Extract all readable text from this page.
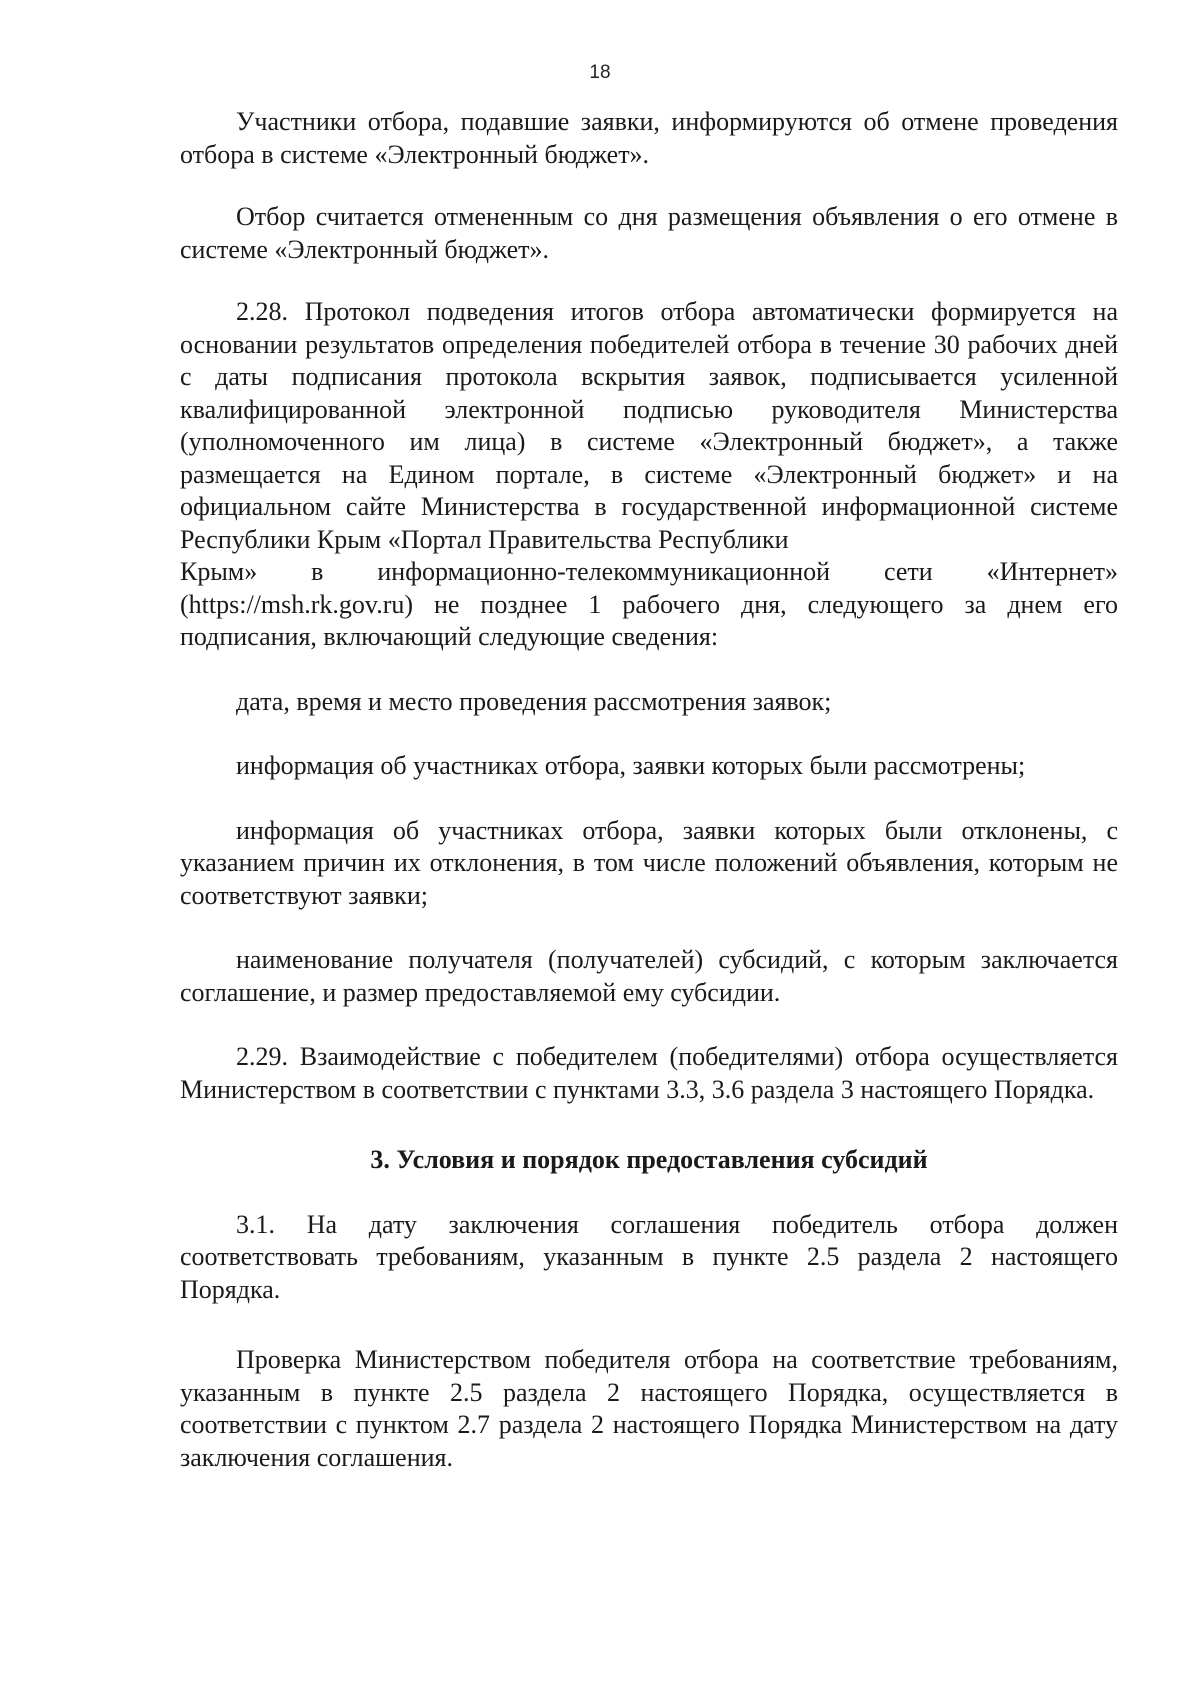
18

Участники отбора, подавшие заявки, информируются об отмене проведения отбора в системе «Электронный бюджет».

Отбор считается отмененным со дня размещения объявления о его отмене в системе «Электронный бюджет».

2.28. Протокол подведения итогов отбора автоматически формируется на основании результатов определения победителей отбора в течение 30 рабочих дней с даты подписания протокола вскрытия заявок, подписывается усиленной квалифицированной электронной подписью руководителя Министерства (уполномоченного им лица) в системе «Электронный бюджет», а также размещается на Едином портале, в системе «Электронный бюджет» и на официальном сайте Министерства в государственной информационной системе Республики Крым «Портал Правительства Республики

Крым» в информационно-телекоммуникационной сети «Интернет» (https://msh.rk.gov.ru) не позднее 1 рабочего дня, следующего за днем его подписания, включающий следующие сведения:

дата, время и место проведения рассмотрения заявок;

информация об участниках отбора, заявки которых были рассмотрены;

информация об участниках отбора, заявки которых были отклонены, с указанием причин их отклонения, в том числе положений объявления, которым не соответствуют заявки;

наименование получателя (получателей) субсидий, с которым заключается соглашение, и размер предоставляемой ему субсидии.

2.29. Взаимодействие с победителем (победителями) отбора осуществляется Министерством в соответствии с пунктами 3.3, 3.6 раздела 3 настоящего Порядка.

3. Условия и порядок предоставления субсидий

3.1. На дату заключения соглашения победитель отбора должен соответствовать требованиям, указанным в пункте 2.5 раздела 2 настоящего Порядка.

Проверка Министерством победителя отбора на соответствие требованиям, указанным в пункте 2.5 раздела 2 настоящего Порядка, осуществляется в соответствии с пунктом 2.7 раздела 2 настоящего Порядка Министерством на дату заключения соглашения.
